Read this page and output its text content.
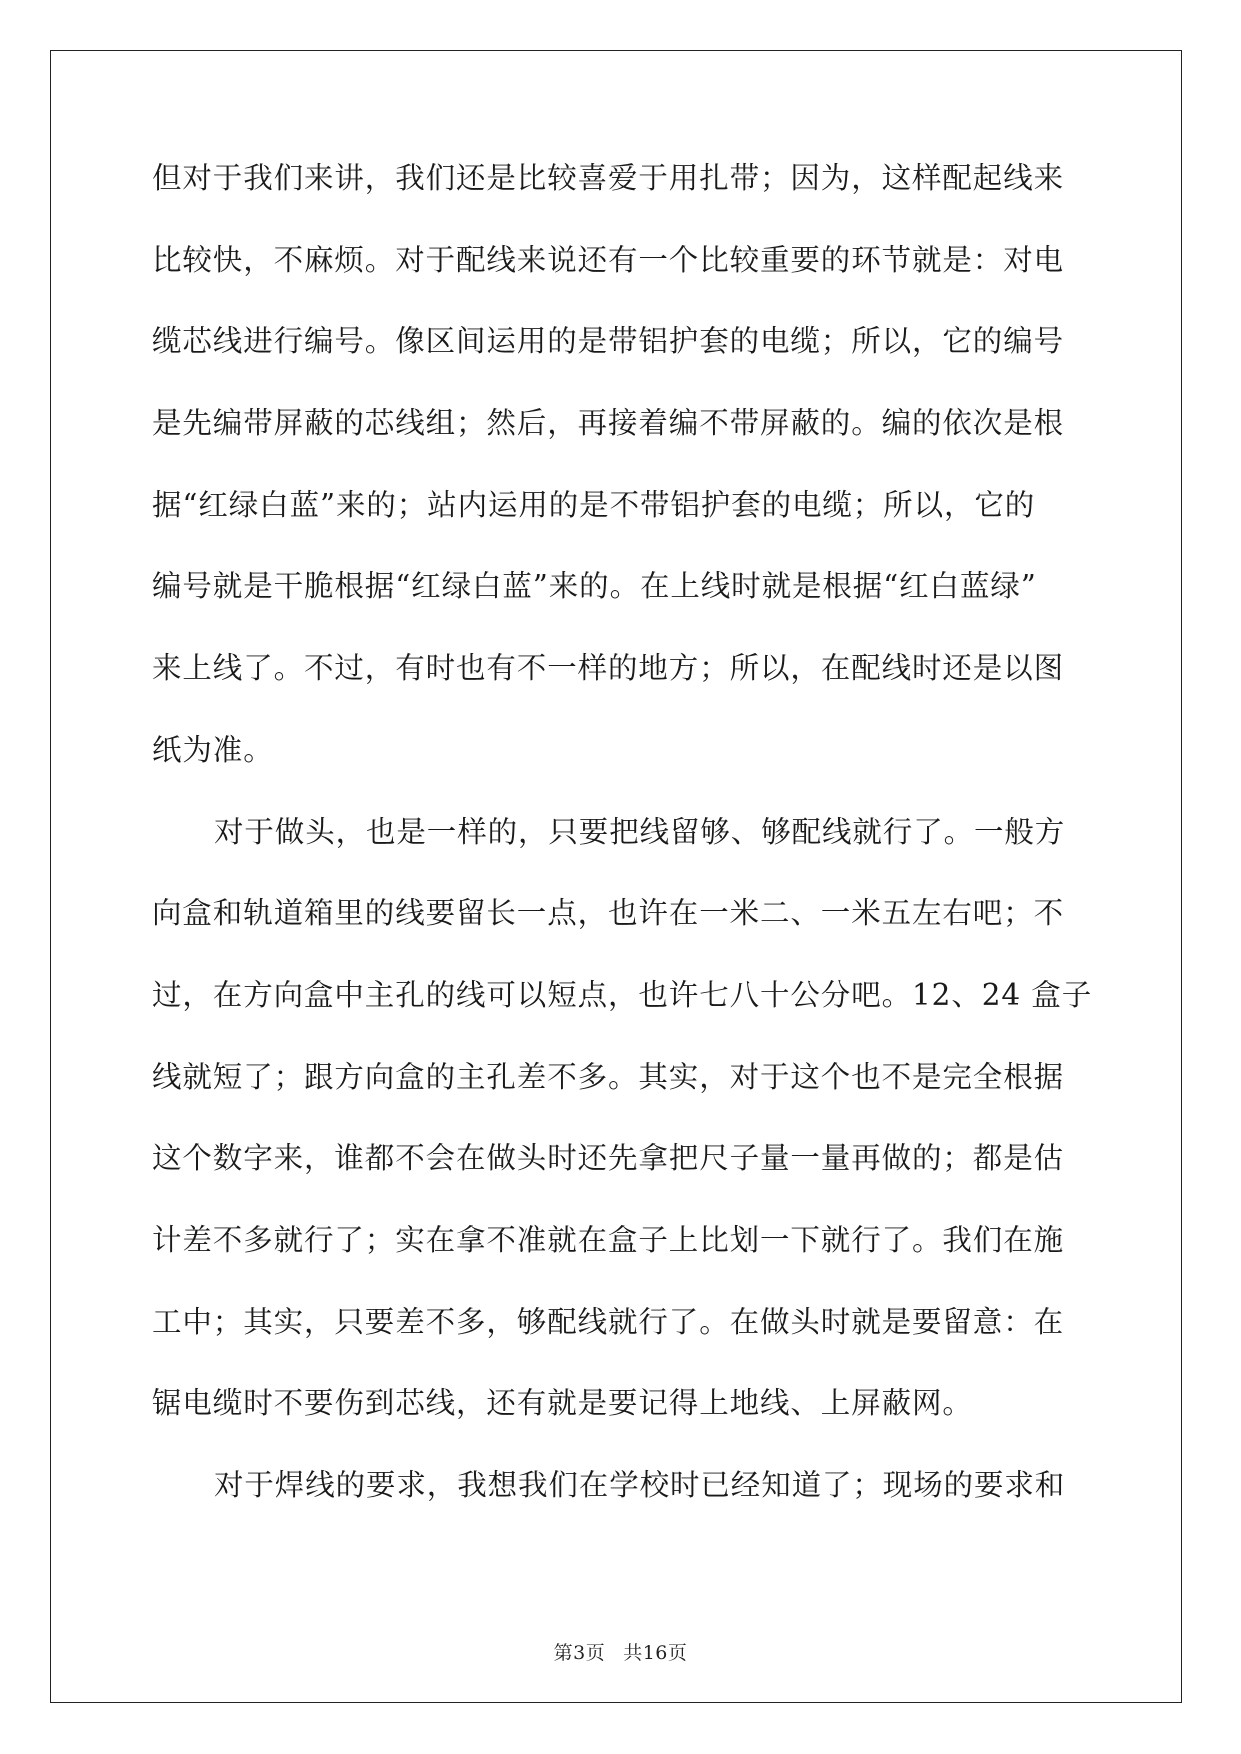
但对于我们来讲，我们还是比较喜爱于用扎带；因为，这样配起线来
比较快，不麻烦。对于配线来说还有一个比较重要的环节就是：对电
缆芯线进行编号。像区间运用的是带铝护套的电缆；所以，它的编号
是先编带屏蔽的芯线组；然后，再接着编不带屏蔽的。编的依次是根
据“红绿白蓝”来的；站内运用的是不带铝护套的电缆；所以，它的
编号就是干脆根据“红绿白蓝”来的。在上线时就是根据“红白蓝绿”
来上线了。不过，有时也有不一样的地方；所以，在配线时还是以图
纸为准。
对于做头，也是一样的，只要把线留够、够配线就行了。一般方
向盒和轨道箱里的线要留长一点，也许在一米二、一米五左右吧；不
过，在方向盒中主孔的线可以短点，也许七八十公分吧。12、24 盒子
线就短了；跟方向盒的主孔差不多。其实，对于这个也不是完全根据
这个数字来，谁都不会在做头时还先拿把尺子量一量再做的；都是估
计差不多就行了；实在拿不准就在盒子上比划一下就行了。我们在施
工中；其实，只要差不多，够配线就行了。在做头时就是要留意：在
锯电缆时不要伤到芯线，还有就是要记得上地线、上屏蔽网。
对于焊线的要求，我想我们在学校时已经知道了；现场的要求和
第3页 共16页
